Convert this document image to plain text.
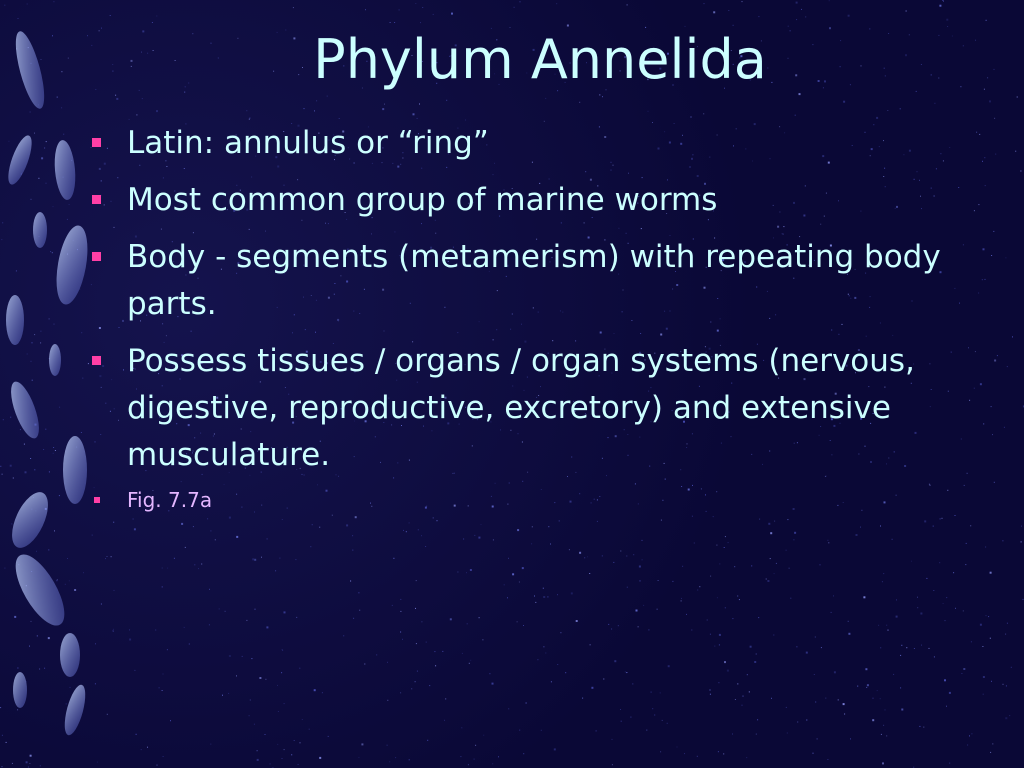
Phylum Annelida
Latin: annulus or “ring”
Most common group of marine worms
Body - segments (metamerism) with repeating body parts.
Possess tissues / organs / organ systems (nervous, digestive, reproductive, excretory) and extensive musculature.
Fig. 7.7a
